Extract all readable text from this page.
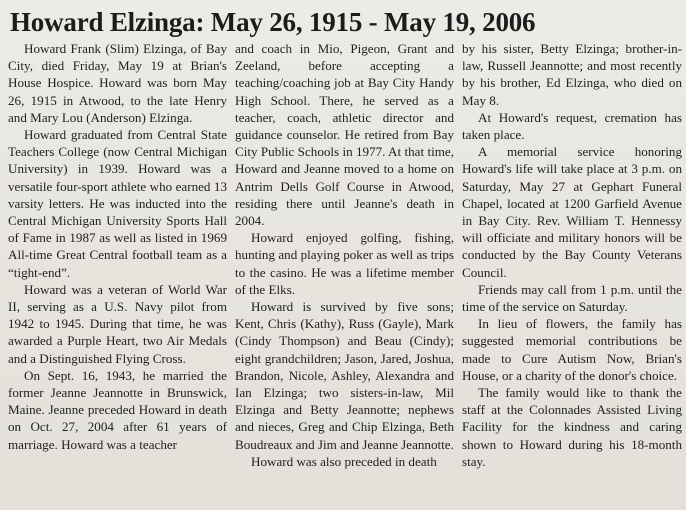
Howard Elzinga: May 26, 1915 - May 19, 2006

Howard Frank (Slim) Elzinga, of Bay City, died Friday, May 19 at Brian's House Hospice. Howard was born May 26, 1915 in Atwood, to the late Henry and Mary Lou (Anderson) Elzinga.

Howard graduated from Central State Teachers College (now Central Michigan University) in 1939. Howard was a versatile four-sport athlete who earned 13 varsity letters. He was inducted into the Central Michigan University Sports Hall of Fame in 1987 as well as listed in 1969 All-time Great Central football team as a “tight-end”.

Howard was a veteran of World War II, serving as a U.S. Navy pilot from 1942 to 1945. During that time, he was awarded a Purple Heart, two Air Medals and a Distinguished Flying Cross.

On Sept. 16, 1943, he married the former Jeanne Jeannotte in Brunswick, Maine. Jeanne preceded Howard in death on Oct. 27, 2004 after 61 years of marriage. Howard was a teacher

and coach in Mio, Pigeon, Grant and Zeeland, before accepting a teaching/coaching job at Bay City Handy High School. There, he served as a teacher, coach, athletic director and guidance counselor. He retired from Bay City Public Schools in 1977. At that time, Howard and Jeanne moved to a home on Antrim Dells Golf Course in Atwood, residing there until Jeanne's death in 2004.

Howard enjoyed golfing, fishing, hunting and playing poker as well as trips to the casino. He was a lifetime member of the Elks.

Howard is survived by five sons; Kent, Chris (Kathy), Russ (Gayle), Mark (Cindy Thompson) and Beau (Cindy); eight grandchildren; Jason, Jared, Joshua, Brandon, Nicole, Ashley, Alexandra and Ian Elzinga; two sisters-in-law, Mil Elzinga and Betty Jeannotte; nephews and nieces, Greg and Chip Elzinga, Beth Boudreaux and Jim and Jeanne Jeannotte.

Howard was also preceded in death

by his sister, Betty Elzinga; brother-in-law, Russell Jeannotte; and most recently by his brother, Ed Elzinga, who died on May 8.

At Howard's request, cremation has taken place.

A memorial service honoring Howard's life will take place at 3 p.m. on Saturday, May 27 at Gephart Funeral Chapel, located at 1200 Garfield Avenue in Bay City. Rev. William T. Hennessy will officiate and military honors will be conducted by the Bay County Veterans Council.

Friends may call from 1 p.m. until the time of the service on Saturday.

In lieu of flowers, the family has suggested memorial contributions be made to Cure Autism Now, Brian's House, or a charity of the donor's choice.

The family would like to thank the staff at the Colonnades Assisted Living Facility for the kindness and caring shown to Howard during his 18-month stay.
